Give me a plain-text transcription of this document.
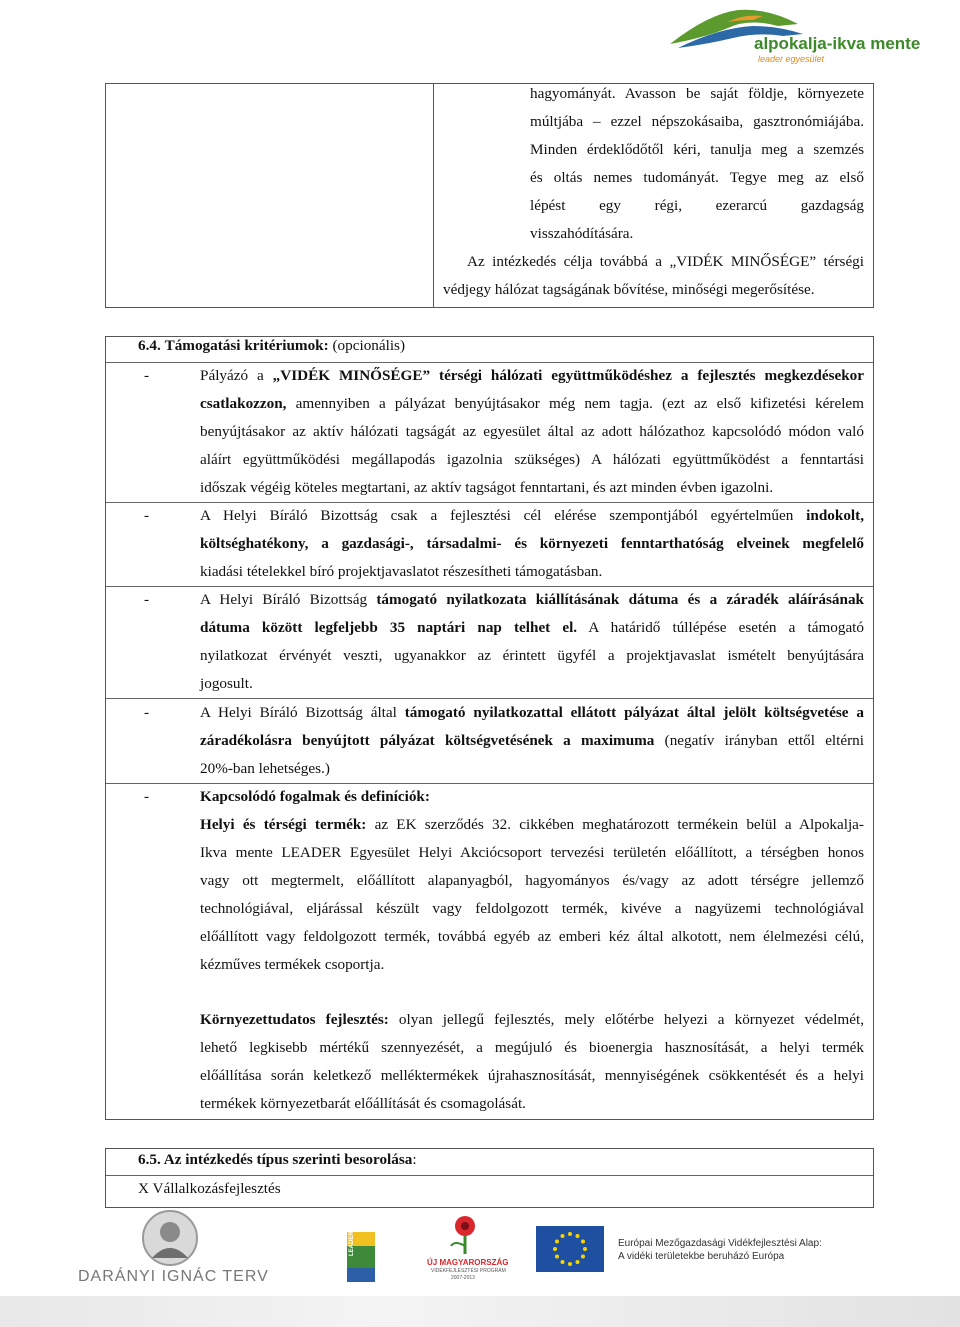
alpokalja-ikva mente
leader egyesület
hagyományát. Avasson be saját földje, környezete
múltjába – ezzel népszokásaiba, gasztronómiájába.
Minden érdeklődőtől kéri, tanulja meg a szemzés
és oltás nemes tudományát. Tegye meg az első
lépést egy régi, ezerarcú gazdagság
visszahódítására.
Az intézkedés célja továbbá a „VIDÉK MINŐSÉGE” térségi
védjegy hálózat tagságának bővítése, minőségi megerősítése.
6.4. Támogatási kritériumok: (opcionális)
-	Pályázó a „VIDÉK MINŐSÉGE” térségi hálózati együttműködéshez a fejlesztés megkezdésekor
csatlakozzon, amennyiben a pályázat benyújtásakor még nem tagja. (ezt az első kifizetési kérelem
benyújtásakor az aktív hálózati tagságát az egyesület által az adott hálózathoz kapcsolódó módon való
aláírt együttműködési megállapodás igazolnia szükséges) A hálózati együttműködést a fenntartási
időszak végéig köteles megtartani, az aktív tagságot fenntartani, és azt minden évben igazolni.
-	A Helyi Bíráló Bizottság csak a fejlesztési cél elérése szempontjából egyértelműen indokolt,
költséghatékony, a gazdasági-, társadalmi- és környezeti fenntarthatóság elveinek megfelelő
kiadási tételekkel bíró projektjavaslatot részesítheti támogatásban.
-	A Helyi Bíráló Bizottság támogató nyilatkozata kiállításának dátuma és a záradék aláírásának
dátuma között legfeljebb 35 naptári nap telhet el. A határidő túllépése esetén a támogató
nyilatkozat érvényét veszti, ugyanakkor az érintett ügyfél a projektjavaslat ismételt benyújtására
jogosult.
-	A Helyi Bíráló Bizottság által támogató nyilatkozattal ellátott pályázat által jelölt költségvetése a
záradékolásra benyújtott pályázat költségvetésének a maximuma (negatív irányban ettől eltérni
20%-ban lehetséges.)
-	Kapcsolódó fogalmak és definíciók:
Helyi és térségi termék: az EK szerződés 32. cikkében meghatározott termékein belül a Alpokalja-
Ikva mente LEADER Egyesület Helyi Akciócsoport tervezési területén előállított, a térségben honos
vagy ott megtermelt, előállított alapanyagból, hagyományos és/vagy az adott térségre jellemző
technológiával, eljárással készült vagy feldolgozott termék, kivéve a nagyüzemi technológiával
előállított vagy feldolgozott termék, továbbá egyéb az emberi kéz által alkotott, nem élelmezési célú,
kézműves termékek csoportja.
Környezettudatos fejlesztés: olyan jellegű fejlesztés, mely előtérbe helyezi a környezet védelmét,
lehető legkisebb mértékű szennyezését, a megújuló és bioenergia hasznosítását, a helyi termék
előállítása során keletkező melléktermékek újrahasznosítását, mennyiségének csökkentését és a helyi
termékek környezetbarát előállítását és csomagolását.
6.5. Az intézkedés típus szerinti besorolása:
X Vállalkozásfejlesztés
DARÁNYI IGNÁC TERV
LEADER
ÚJ MAGYARORSZÁG
VIDÉKFEJLESZTÉSI PROGRAM
2007-2013
Európai Mezőgazdasági Vidékfejlesztési Alap:
A vidéki területekbe beruházó Európa
